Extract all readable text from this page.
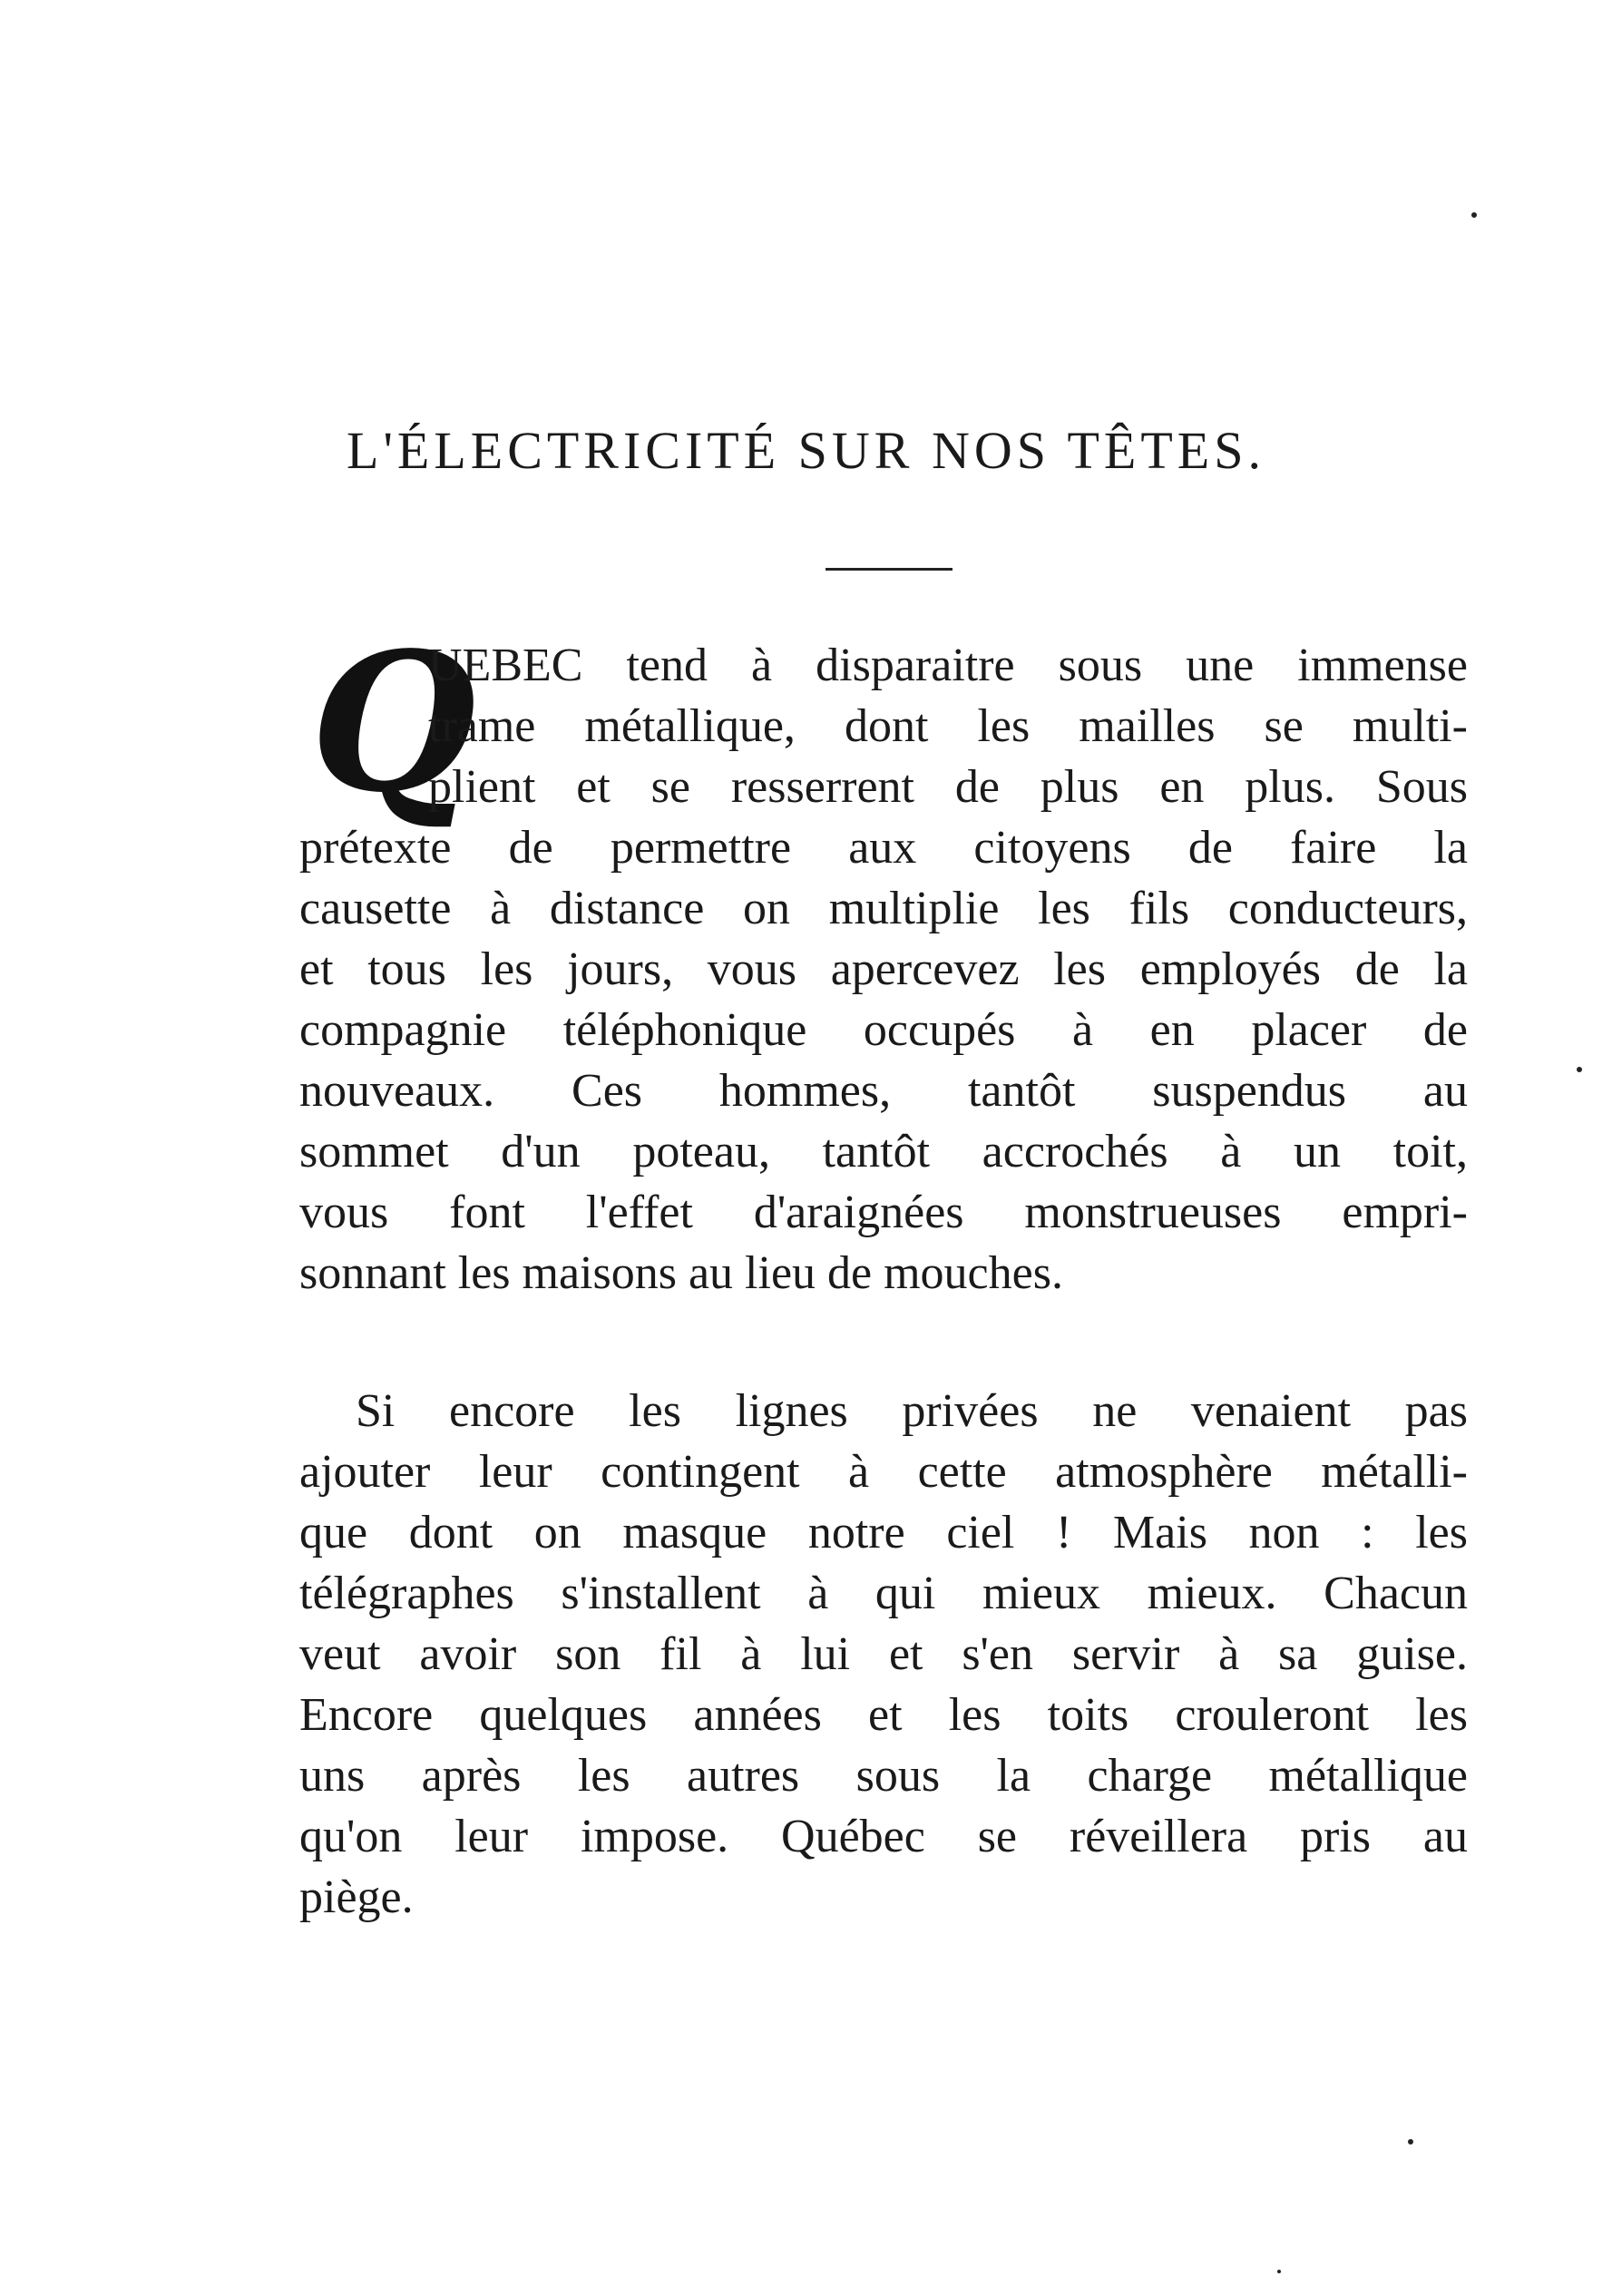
L'ÉLECTRICITÉ SUR NOS TÊTES.
Q
UEBEC tend à disparaitre sous une immense
trame métallique, dont les mailles se multi-
plient et se resserrent de plus en plus. Sous
prétexte de permettre aux citoyens de faire la
causette à distance on multiplie les fils conducteurs,
et tous les jours, vous apercevez les employés de la
compagnie téléphonique occupés à en placer de
nouveaux. Ces hommes, tantôt suspendus au
sommet d'un poteau, tantôt accrochés à un toit,
vous font l'effet d'araignées monstrueuses empri-
sonnant les maisons au lieu de mouches.
Si encore les lignes privées ne venaient pas
ajouter leur contingent à cette atmosphère métalli-
que dont on masque notre ciel ! Mais non : les
télégraphes s'installent à qui mieux mieux. Chacun
veut avoir son fil à lui et s'en servir à sa guise.
Encore quelques années et les toits crouleront les
uns après les autres sous la charge métallique
qu'on leur impose. Québec se réveillera pris au
piège.
